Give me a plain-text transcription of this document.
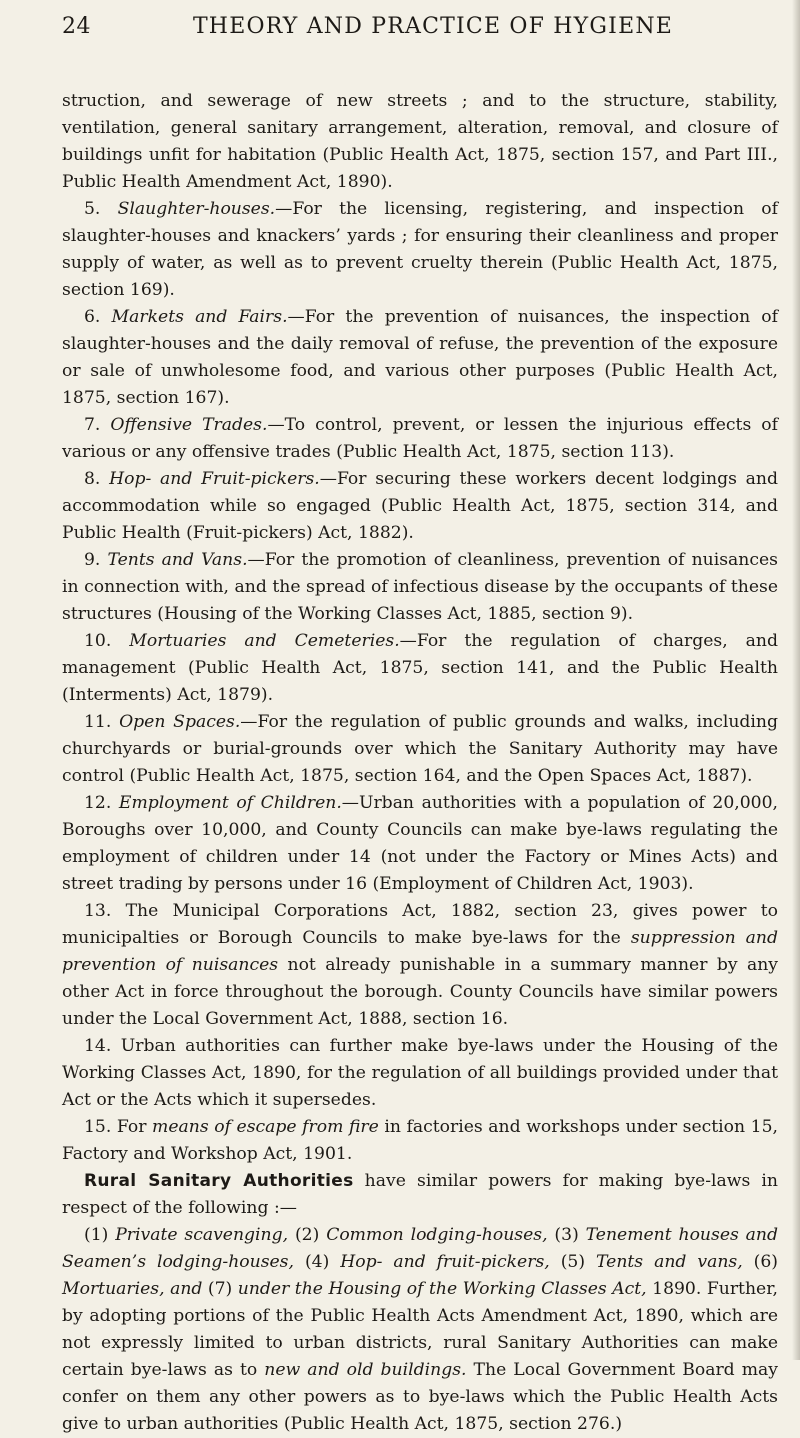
24	THEORY AND PRACTICE OF HYGIENE

struction, and sewerage of new streets ; and to the structure, stability, ventilation, general sanitary arrangement, alteration, removal, and closure of buildings unfit for habitation (Public Health Act, 1875, section 157, and Part III., Public Health Amendment Act, 1890).

5. Slaughter-houses.—For the licensing, registering, and inspection of slaughter-houses and knackers’ yards ; for ensuring their cleanliness and proper supply of water, as well as to prevent cruelty therein (Public Health Act, 1875, section 169).

6. Markets and Fairs.—For the prevention of nuisances, the inspection of slaughter-houses and the daily removal of refuse, the prevention of the exposure or sale of unwholesome food, and various other purposes (Public Health Act, 1875, section 167).

7. Offensive Trades.—To control, prevent, or lessen the injurious effects of various or any offensive trades (Public Health Act, 1875, section 113).

8. Hop- and Fruit-pickers.—For securing these workers decent lodgings and accommodation while so engaged (Public Health Act, 1875, section 314, and Public Health (Fruit-pickers) Act, 1882).

9. Tents and Vans.—For the promotion of cleanliness, prevention of nuisances in connection with, and the spread of infectious disease by the occupants of these structures (Housing of the Working Classes Act, 1885, section 9).

10. Mortuaries and Cemeteries.—For the regulation of charges, and management (Public Health Act, 1875, section 141, and the Public Health (Interments) Act, 1879).

11. Open Spaces.—For the regulation of public grounds and walks, including churchyards or burial-grounds over which the Sanitary Authority may have control (Public Health Act, 1875, section 164, and the Open Spaces Act, 1887).

12. Employment of Children.—Urban authorities with a population of 20,000, Boroughs over 10,000, and County Councils can make bye-laws regulating the employment of children under 14 (not under the Factory or Mines Acts) and street trading by persons under 16 (Employment of Children Act, 1903).

13. The Municipal Corporations Act, 1882, section 23, gives power to municipalties or Borough Councils to make bye-laws for the suppression and prevention of nuisances not already punishable in a summary manner by any other Act in force throughout the borough. County Councils have similar powers under the Local Government Act, 1888, section 16.

14. Urban authorities can further make bye-laws under the Housing of the Working Classes Act, 1890, for the regulation of all buildings provided under that Act or the Acts which it supersedes.

15. For means of escape from fire in factories and workshops under section 15, Factory and Workshop Act, 1901.

Rural Sanitary Authorities have similar powers for making bye-laws in respect of the following :—

(1) Private scavenging, (2) Common lodging-houses, (3) Tenement houses and Seamen’s lodging-houses, (4) Hop- and fruit-pickers, (5) Tents and vans, (6) Mortuaries, and (7) under the Housing of the Working Classes Act, 1890. Further, by adopting portions of the Public Health Acts Amendment Act, 1890, which are not expressly limited to urban districts, rural Sanitary Authorities can make certain bye-laws as to new and old buildings. The Local Government Board may confer on them any other powers as to bye-laws which the Public Health Acts give to urban authorities (Public Health Act, 1875, section 276.)
